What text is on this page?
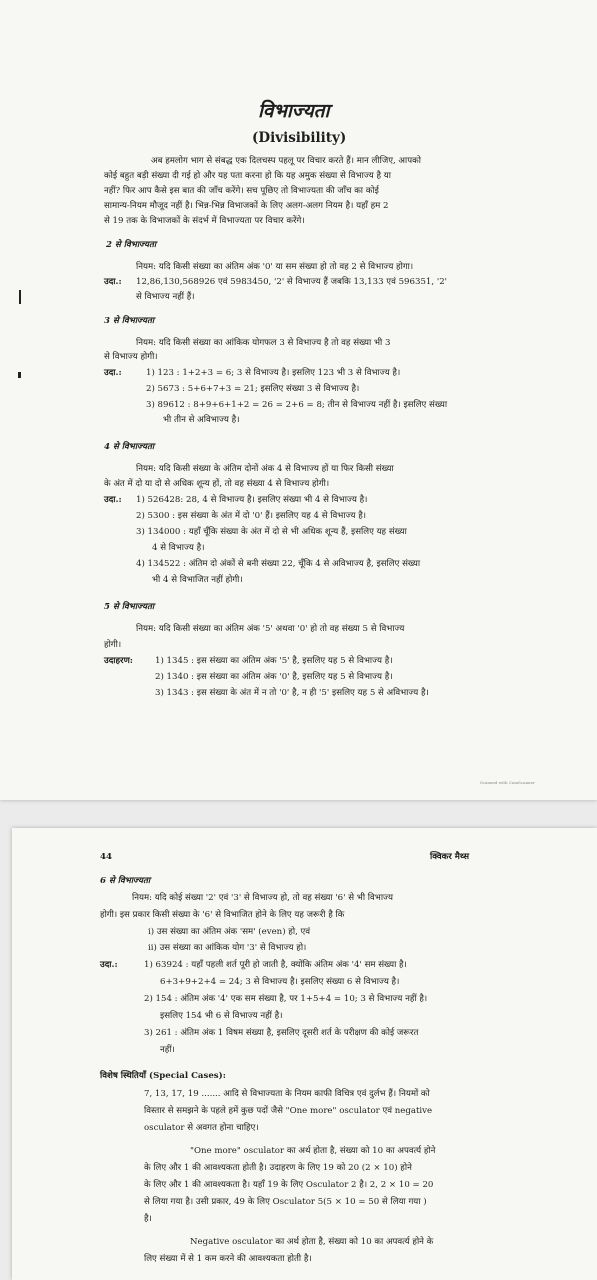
विभाज्यता
(Divisibility)
अब हमलोग भाग से संबद्ध एक दिलचस्प पहलू पर विचार करते हैं। मान लीजिए, आपको
कोई बहुत बड़ी संख्या दी गई हो और यह पता करना हो कि यह अमुक संख्या से विभाज्य है या
नहीं? फिर आप कैसे इस बात की जाँच करेंगे। सच पूछिए तो विभाज्यता की जाँच का कोई
सामान्य-नियम मौजूद नहीं है। भिन्न-भिन्न विभाजकों के लिए अलग-अलग नियम है। यहाँ हम 2
से 19 तक के विभाजकों के संदर्भ में विभाज्यता पर विचार करेंगे।
2 से विभाज्यता
नियम: यदि किसी संख्या का अंतिम अंक '0' या सम संख्या हो तो वह 2 से विभाज्य होगा।
उदा.: 12,86,130,568926 एवं 5983450, '2' से विभाज्य हैं जबकि 13,133 एवं 596351, '2'
से विभाज्य नहीं हैं।
3 से विभाज्यता
नियम: यदि किसी संख्या का आंकिक योगफल 3 से विभाज्य है तो वह संख्या भी 3
से विभाज्य होगी।
उदा.:	1) 123 : 1+2+3 = 6; 3 से विभाज्य है। इसलिए 123 भी 3 से विभाज्य है।
2) 5673 : 5+6+7+3 = 21; इसलिए संख्या 3 से विभाज्य है।
3) 89612 : 8+9+6+1+2 = 26 = 2+6 = 8; तीन से विभाज्य नहीं है। इसलिए संख्या
भी तीन से अविभाज्य है।
4 से विभाज्यता
नियम: यदि किसी संख्या के अंतिम दोनों अंक 4 से विभाज्य हों या फिर किसी संख्या
के अंत में दो या दो से अधिक शून्य हों, तो वह संख्या 4 से विभाज्य होगी।
उदा.: 1) 526428: 28, 4 से विभाज्य है। इसलिए संख्या भी 4 से विभाज्य है।
2) 5300 : इस संख्या के अंत में दो '0' हैं। इसलिए यह 4 से विभाज्य है।
3) 134000 : यहाँ चूँकि संख्या के अंत में दो से भी अधिक शून्य हैं, इसलिए यह संख्या
4 से विभाज्य है।
4) 134522 : अंतिम दो अंकों से बनी संख्या 22, चूँकि 4 से अविभाज्य है, इसलिए संख्या
भी 4 से विभाजित नहीं होगी।
5 से विभाज्यता
नियम: यदि किसी संख्या का अंतिम अंक '5' अथवा '0' हो तो वह संख्या 5 से विभाज्य
होगी।
उदाहरण:	1) 1345 : इस संख्या का अंतिम अंक '5' है, इसलिए यह 5 से विभाज्य है।
2) 1340 : इस संख्या का अंतिम अंक '0' है, इसलिए यह 5 से विभाज्य है।
3) 1343 : इस संख्या के अंत में न तो '0' है, न ही '5' इसलिए यह 5 से अविभाज्य है।
Scanned with CamScanner
44	क्विकर मैथ्स
6 से विभाज्यता
नियम: यदि कोई संख्या '2' एवं '3' से विभाज्य हो, तो वह संख्या '6' से भी विभाज्य
होगी। इस प्रकार किसी संख्या के '6' से विभाजित होने के लिए यह जरूरी है कि
i) उस संख्या का अंतिम अंक 'सम' (even) हो, एवं
ii) उस संख्या का आंकिक योग '3' से विभाज्य हो।
उदा.:	1) 63924 : यहाँ पहली शर्त पूरी हो जाती है, क्योंकि अंतिम अंक '4' सम संख्या है।
6+3+9+2+4 = 24; 3 से विभाज्य है। इसलिए संख्या 6 से विभाज्य है।
2) 154 : अंतिम अंक '4' एक सम संख्या है, पर 1+5+4 = 10; 3 से विभाज्य नहीं है।
इसलिए 154 भी 6 से विभाज्य नहीं है।
3) 261 : अंतिम अंक 1 विषम संख्या है, इसलिए दूसरी शर्त के परीक्षण की कोई जरूरत
नहीं।
विशेष स्थितियाँ (Special Cases):
7, 13, 17, 19 ....... आदि से विभाज्यता के नियम काफी विचित्र एवं दुर्लभ हैं। नियमों को
विस्तार से समझने के पहले हमें कुछ पदों जैसे "One more" osculator एवं negative
osculator से अवगत होना चाहिए।
"One more" osculator का अर्थ होता है, संख्या को 10 का अपवर्त्य होने
के लिए और 1 की आवश्यकता होती है। उदाहरण के लिए 19 को 20 (2 × 10) होने
के लिए और 1 की आवश्यकता है। यहाँ 19 के लिए Osculator 2 है। 2, 2 × 10 = 20
से लिया गया है। उसी प्रकार, 49 के लिए Osculator 5(5 × 10 = 50 से लिया गया )
है।
Negative osculator का अर्थ होता है, संख्या को 10 का अपवर्त्य होने के
लिए संख्या में से 1 कम करने की आवश्यकता होती है।
